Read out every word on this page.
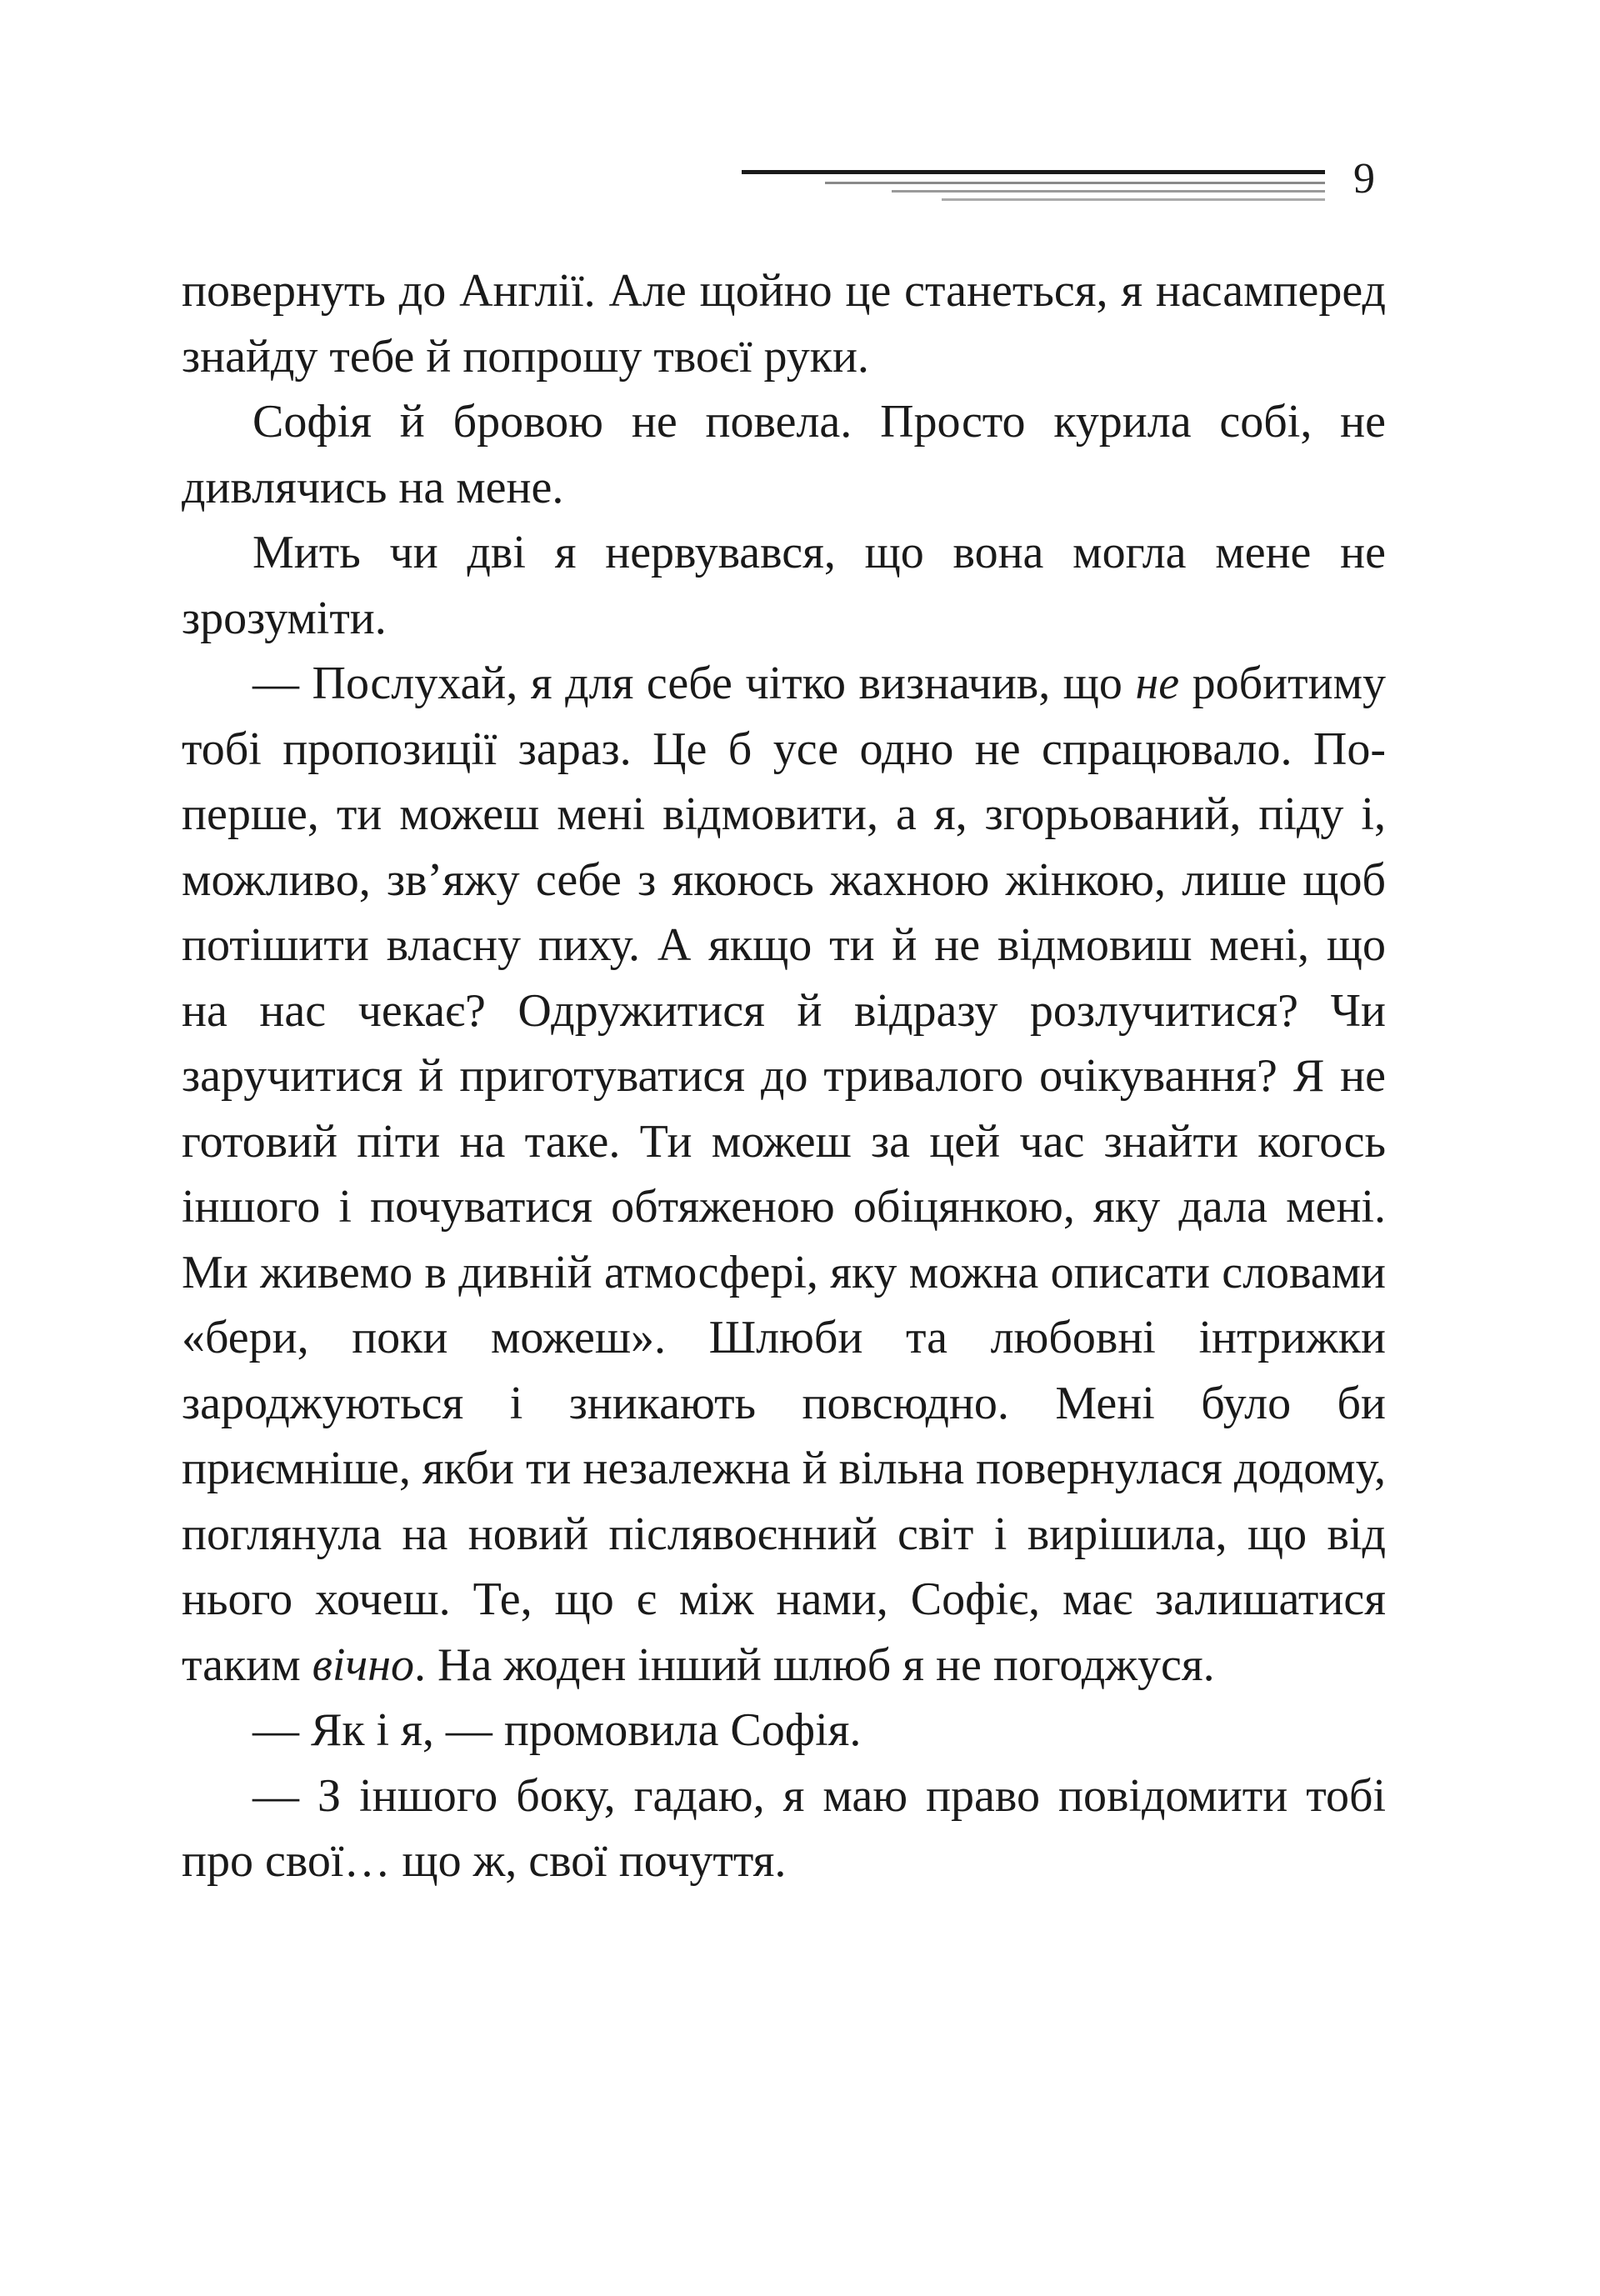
9

повернуть до Англії. Але щойно це станеться, я насамперед знайду тебе й попрошу твоєї руки.

Софія й бровою не повела. Просто курила собі, не дивлячись на мене.

Мить чи дві я нервувався, що вона могла мене не зрозуміти.

— Послухай, я для себе чітко визначив, що не робитиму тобі пропозиції зараз. Це б усе одно не спрацювало. По-перше, ти можеш мені відмовити, а я, згорьований, піду і, можливо, зв’яжу себе з якоюсь жахною жінкою, лише щоб потішити власну пиху. А якщо ти й не відмовиш мені, що на нас чекає? Одружитися й відразу розлучитися? Чи заручитися й приготуватися до тривалого очікування? Я не готовий піти на таке. Ти можеш за цей час знайти когось іншого і почуватися обтяженою обіцянкою, яку дала мені. Ми живемо в дивній атмосфері, яку можна описати словами «бери, поки можеш». Шлюби та любовні інтрижки зароджуються і зникають повсюдно. Мені було би приємніше, якби ти незалежна й вільна повернулася додому, поглянула на новий післявоєнний світ і вирішила, що від нього хочеш. Те, що є між нами, Софіє, має залишатися таким вічно. На жоден інший шлюб я не погоджуся.

— Як і я, — промовила Софія.

— З іншого боку, гадаю, я маю право повідомити тобі про свої… що ж, свої почуття.
